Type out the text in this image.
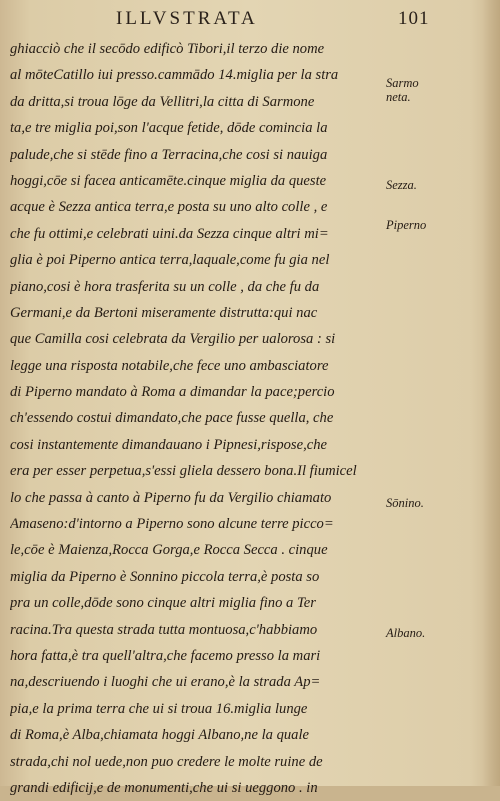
ILLVSTRATA	101
ghiacciò che il secōdo edificò Tibori,il terzo die nome
al mōteCatillo iui presso.cammādo 14.miglia per la stra
da dritta,si troua lōge da Vellitri,la citta di Sarmone
ta,e tre miglia poi,son l'acque fetide, dōde comincia la
palude,che si stēde fino a Terracina,che cosi si nauiga
hoggi,cōe si facea anticamēte.cinque miglia da queste
acque è Sezza antica terra,e posta su uno alto colle , e
che fu ottimi,e celebrati uini.da Sezza cinque altri mi=
glia è poi Piperno antica terra,laquale,come fu gia nel
piano,cosi è hora trasferita su un colle , da che fu da
Germani,e da Bertoni miseramente distrutta:qui nac
que Camilla cosi celebrata da Vergilio per ualorosa : si
legge una risposta notabile,che fece uno ambasciatore
di Piperno mandato à Roma a dimandar la pace;percio
ch'essendo costui dimandato,che pace fusse quella, che
cosi instantemente dimandauano i Pipnesi,rispose,che
era per esser perpetua,s'essi gliela dessero bona.Il fiumicel
lo che passa à canto à Piperno fu da Vergilio chiamato
Amaseno:d'intorno a Piperno sono alcune terre picco=
le,cōe è Maienza,Rocca Gorga,e Rocca Secca . cinque
miglia da Piperno è Sonnino piccola terra,è posta so
pra un colle,dōde sono cinque altri miglia fino a Ter
racina.Tra questa strada tutta montuosa,c'habbiamo
hora fatta,è tra quell'altra,che facemo presso la mari
na,descriuendo i luoghi che ui erano,è la strada Ap=
pia,e la prima terra che ui si troua 16.miglia lunge
di Roma,è Alba,chiamata hoggi Albano,ne la quale
strada,chi nol uede,non puo credere le molte ruine de
grandi edificij,e de monumenti,che ui si ueggono . in
Sarmo
neta.
Sezza.
Piperno
Sōnino.
Albano.
